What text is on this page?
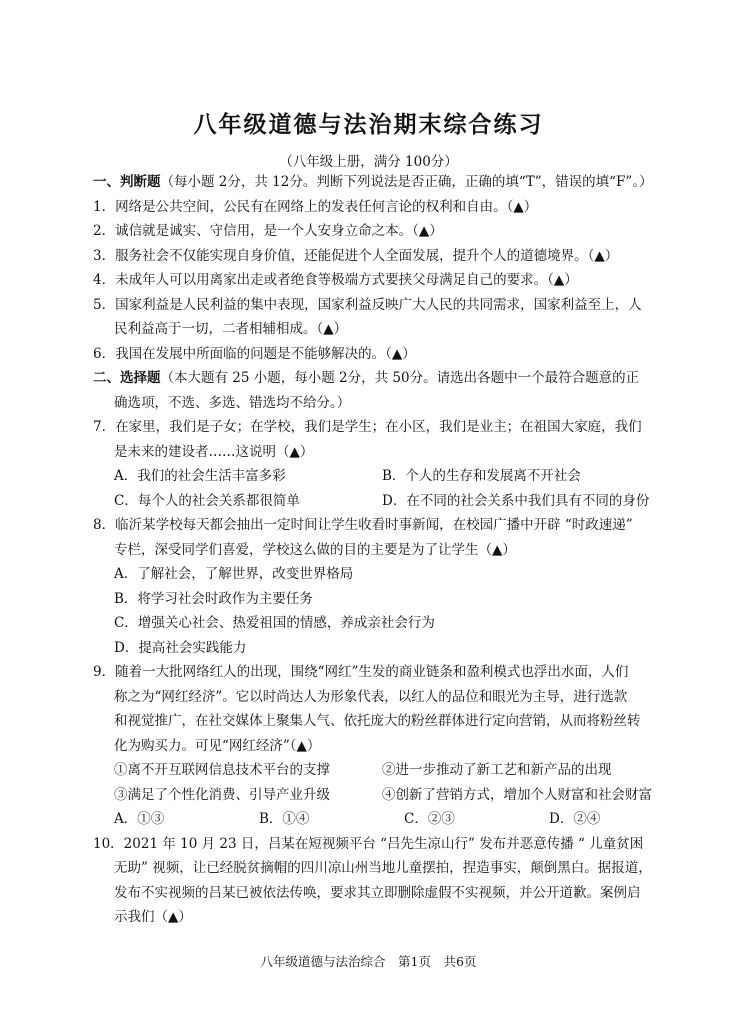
八年级道德与法治期末综合练习
（八年级上册，满分 100分）
一、判断题（每小题 2分，共 12分。判断下列说法是否正确，正确的填“T”，错误的填“F”。）
1．网络是公共空间，公民有在网络上的发表任何言论的权利和自由。（▲）
2．诚信就是诚实、守信用，是一个人安身立命之本。（▲）
3．服务社会不仅能实现自身价值，还能促进个人全面发展，提升个人的道德境界。（▲）
4．未成年人可以用离家出走或者绝食等极端方式要挟父母满足自己的要求。（▲）
5．国家利益是人民利益的集中表现，国家利益反映广大人民的共同需求，国家利益至上，人
民利益高于一切，二者相辅相成。（▲）
6．我国在发展中所面临的问题是不能够解决的。（▲）
二、选择题（本大题有 25 小题，每小题 2分，共 50分。请选出各题中一个最符合题意的正
确选项，不选、多选、错选均不给分。）
7．在家里，我们是子女；在学校，我们是学生；在小区，我们是业主；在祖国大家庭，我们
是未来的建设者……这说明（▲）
A．我们的社会生活丰富多彩	B．个人的生存和发展离不开社会
C．每个人的社会关系都很简单	D．在不同的社会关系中我们具有不同的身份
8．临沂某学校每天都会抽出一定时间让学生收看时事新闻，在校园广播中开辟 “时政速递”
专栏，深受同学们喜爱，学校这么做的目的主要是为了让学生（▲）
A．了解社会，了解世界，改变世界格局
B．将学习社会时政作为主要任务
C．增强关心社会、热爱祖国的情感，养成亲社会行为
D．提高社会实践能力
9．随着一大批网络红人的出现，围绕“网红”生发的商业链条和盈利模式也浮出水面，人们
称之为“网红经济”。它以时尚达人为形象代表，以红人的品位和眼光为主导，进行选款
和视觉推广，在社交媒体上聚集人气、依托庞大的粉丝群体进行定向营销，从而将粉丝转
化为购买力。可见“网红经济”（▲）
①离不开互联网信息技术平台的支撑	②进一步推动了新工艺和新产品的出现
③满足了个性化消费、引导产业升级	④创新了营销方式，增加个人财富和社会财富
A．①③	B．①④	C．②③	D．②④
10．2021 年 10 月 23 日，吕某在短视频平台 “吕先生凉山行” 发布并恶意传播 “ 儿童贫困
无助” 视频，让已经脱贫摘帽的四川凉山州当地儿童摆拍，捏造事实，颠倒黑白。据报道，
发布不实视频的吕某已被依法传唤，要求其立即删除虚假不实视频，并公开道歉。案例启
示我们（▲）
八年级道德与法治综合　第1页　共6页
